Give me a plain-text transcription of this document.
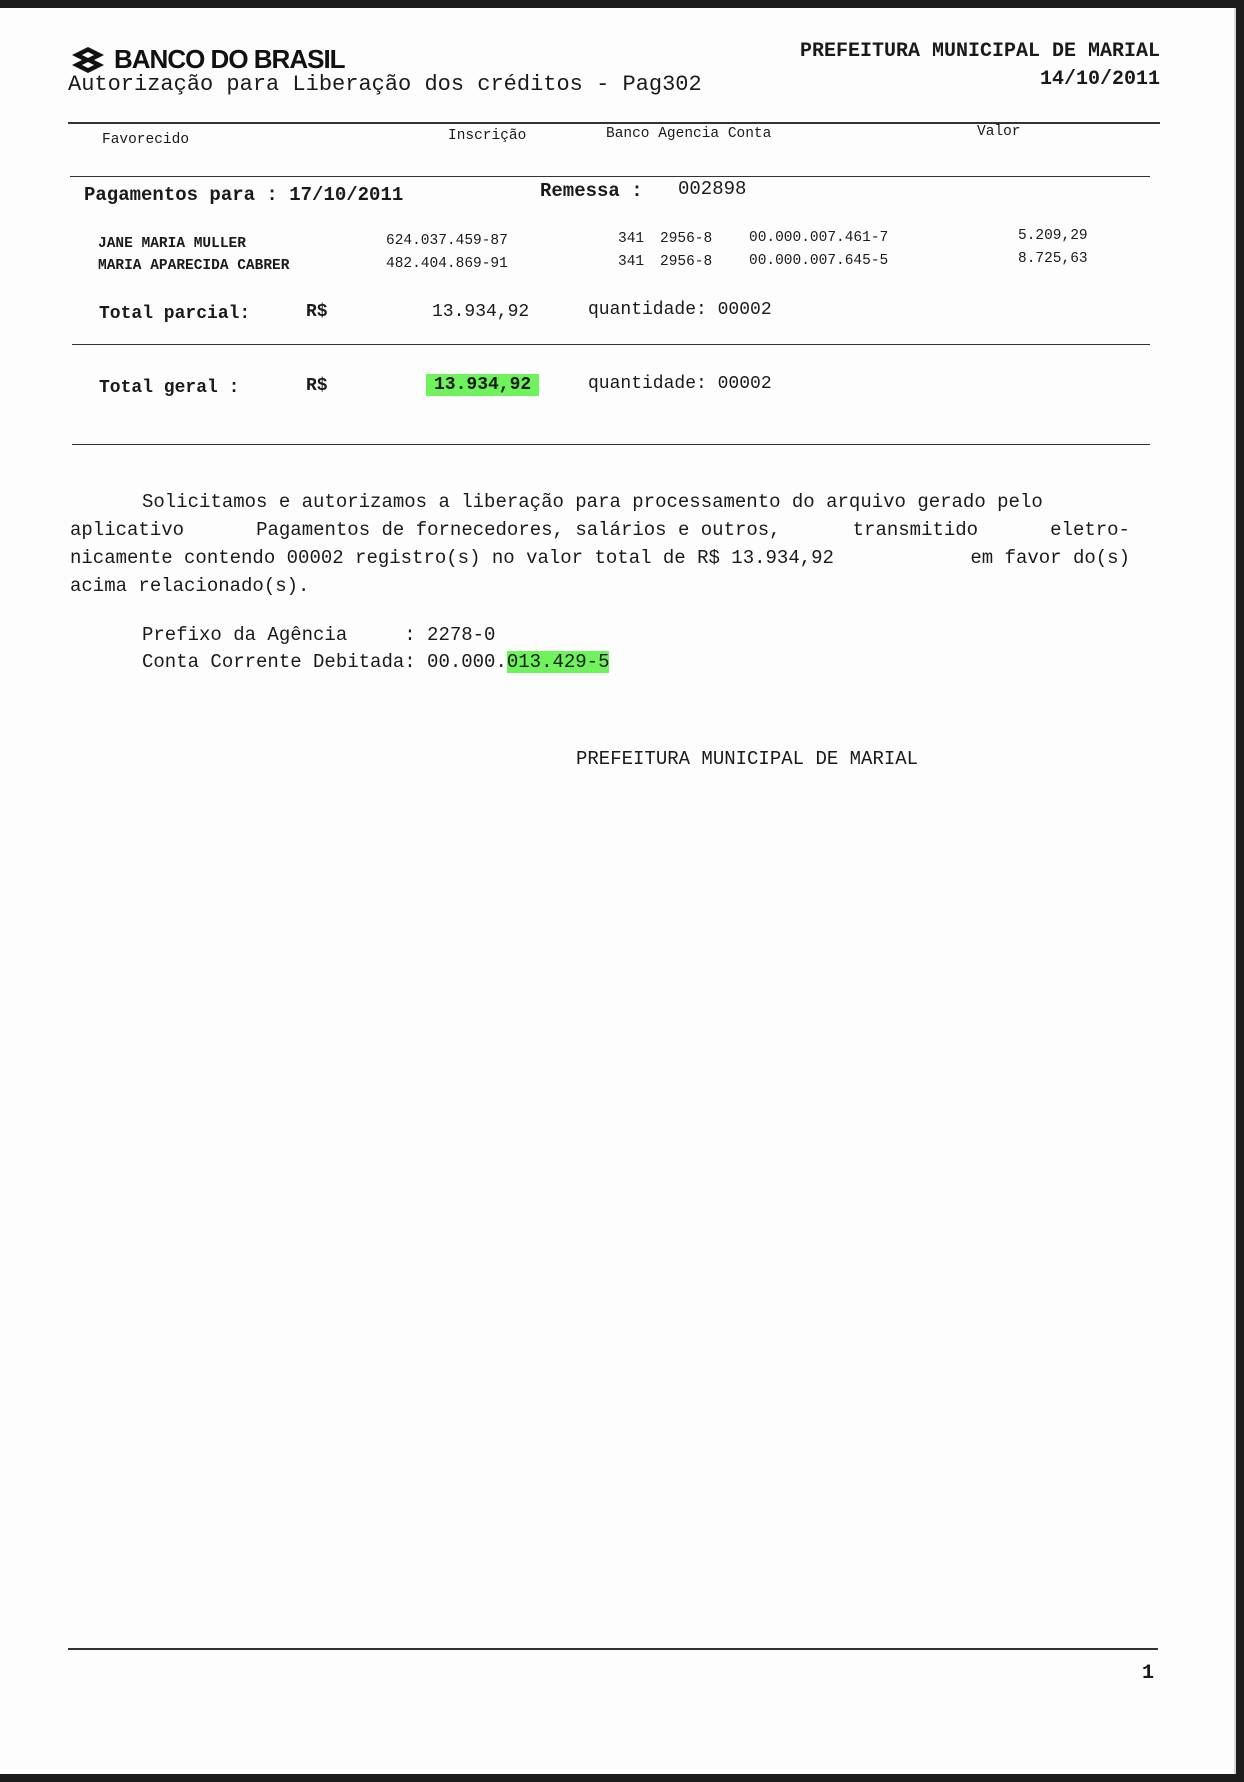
BANCO DO BRASIL
Autorização para Liberação dos créditos - Pag302
PREFEITURA MUNICIPAL DE MARIAL
14/10/2011
Favorecido	Inscrição	Banco Agencia Conta	Valor
Pagamentos para : 17/10/2011	Remessa : 002898
JANE MARIA MULLER	624.037.459-87	341 2956-8	00.000.007.461-7	5.209,29
MARIA APARECIDA CABRER	482.404.869-91	341 2956-8	00.000.007.645-5	8.725,63
Total parcial:	R$	13.934,92	quantidade: 00002
Total geral :	R$	13.934,92	quantidade: 00002
Solicitamos e autorizamos a liberação para processamento do arquivo gerado pelo
aplicativo	Pagamentos de fornecedores, salários e outros,	transmitido	eletro-
nicamente contendo 00002 registro(s) no valor total de R$ 13.934,92	em favor do(s)
acima relacionado(s).
Prefixo da Agência     : 2278-0
Conta Corrente Debitada: 00.000.013.429-5
PREFEITURA MUNICIPAL DE MARIAL
1
